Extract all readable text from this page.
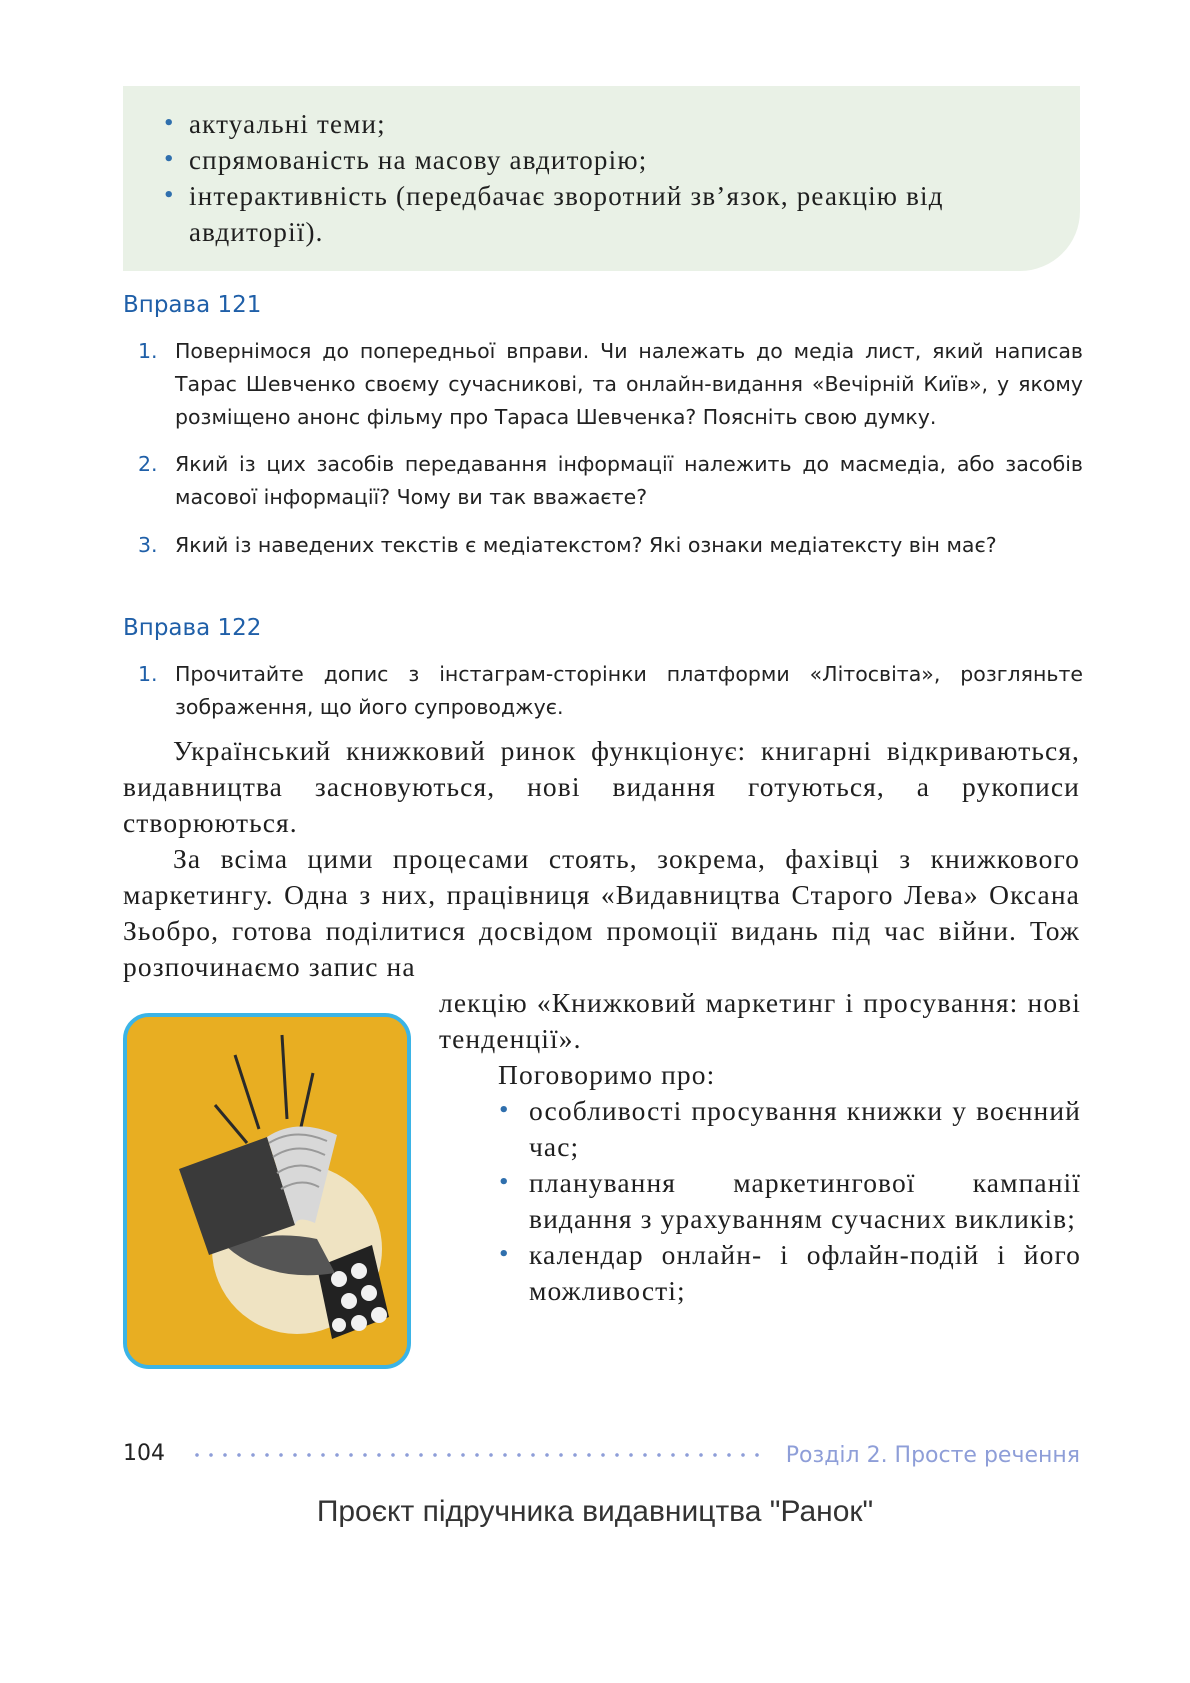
• актуальні теми;
• спрямованість на масову авдиторію;
• інтерактивність (передбачає зворотний зв’язок, реакцію від авдиторії).
Вправа 121
1. Повернімося до попередньої вправи. Чи належать до медіа лист, який написав Тарас Шевченко своєму сучасникові, та онлайн-видання «Вечірній Київ», у якому розміщено анонс фільму про Тараса Шевченка? Поясніть свою думку.
2. Який із цих засобів передавання інформації належить до масмедіа, або засобів масової інформації? Чому ви так вважаєте?
3. Який із наведених текстів є медіатекстом? Які ознаки медіатексту він має?
Вправа 122
1. Прочитайте допис з інстаграм-сторінки платформи «Літосвіта», розгляньте зображення, що його супроводжує.

Український книжковий ринок функціонує: книгарні відкриваються, видавництва засновуються, нові видання готуються, а рукописи створюються.

За всіма цими процесами стоять, зокрема, фахівці з книжкового маркетингу. Одна з них, працівниця «Видавництва Старого Лева» Оксана Зьобро, готова поділитися досвідом промоції видань під час війни. Тож розпочинаємо запис на

лекцію «Книжковий маркетинг і просування: нові тенденції».

Поговоримо про:

• особливості просування книжки у воєнний час;
• планування маркетингової кампанії видання з урахуванням сучасних викликів;
• календар онлайн- і офлайн-подій і його можливості;
104	Розділ 2. Просте речення
Проєкт підручника видавництва "Ранок"
